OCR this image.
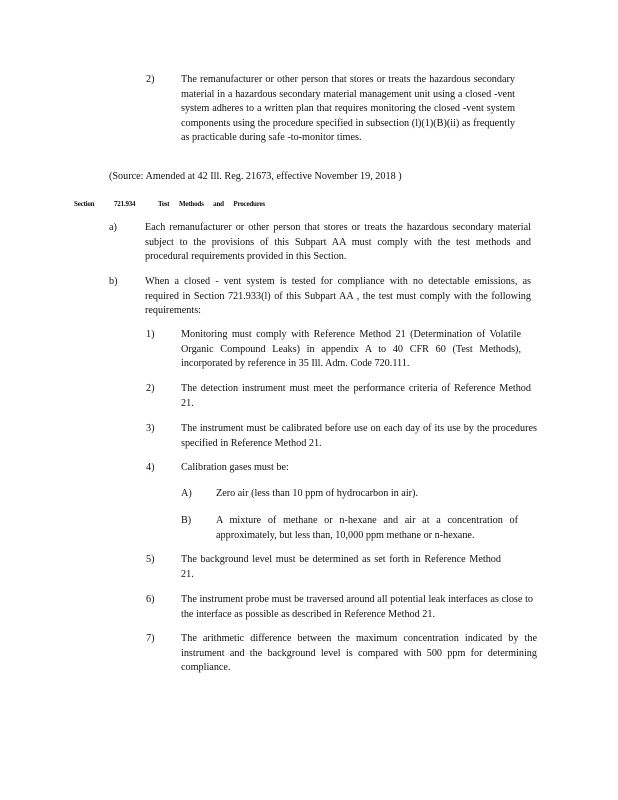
2)	The remanufacturer or other person that stores or treats the hazardous secondary material in a hazardous secondary material management unit using a closed -vent system adheres to a written plan that requires monitoring the closed -vent system components using the procedure specified in subsection (l)(1)(B)(ii) as frequently as practicable during safe -to-monitor times.
(Source: Amended at 42 Ill. Reg. 21673, effective November 19, 2018 )
Section	721.934	Test Methods and Procedures
a)	Each remanufacturer or other person that stores or treats the hazardous secondary material subject to the provisions of this Subpart AA must comply with the test methods and procedural requirements provided in this Section.
b)	When a closed - vent system is tested for compliance with no detectable emissions, as required in Section 721.933(l) of this Subpart AA , the test must comply with the following requirements:
1)	Monitoring must comply with Reference Method 21 (Determination of Volatile Organic Compound Leaks) in appendix A to 40 CFR 60 (Test Methods), incorporated by reference in 35 Ill. Adm. Code 720.111.
2)	The detection instrument must meet the performance criteria of Reference Method 21.
3)	The instrument must be calibrated before use on each day of its use by the procedures specified in Reference Method 21.
4)	Calibration gases must be:
A) Zero air (less than 10 ppm of hydrocarbon in air).
B) A mixture of methane or n-hexane and air at a concentration of approximately, but less than, 10,000 ppm methane or n-hexane.
5)	The background level must be determined as set forth in Reference Method 21.
6)	The instrument probe must be traversed around all potential leak interfaces as close to the interface as possible as described in Reference Method 21.
7)	The arithmetic difference between the maximum concentration indicated by the instrument and the background level is compared with 500 ppm for determining compliance.
